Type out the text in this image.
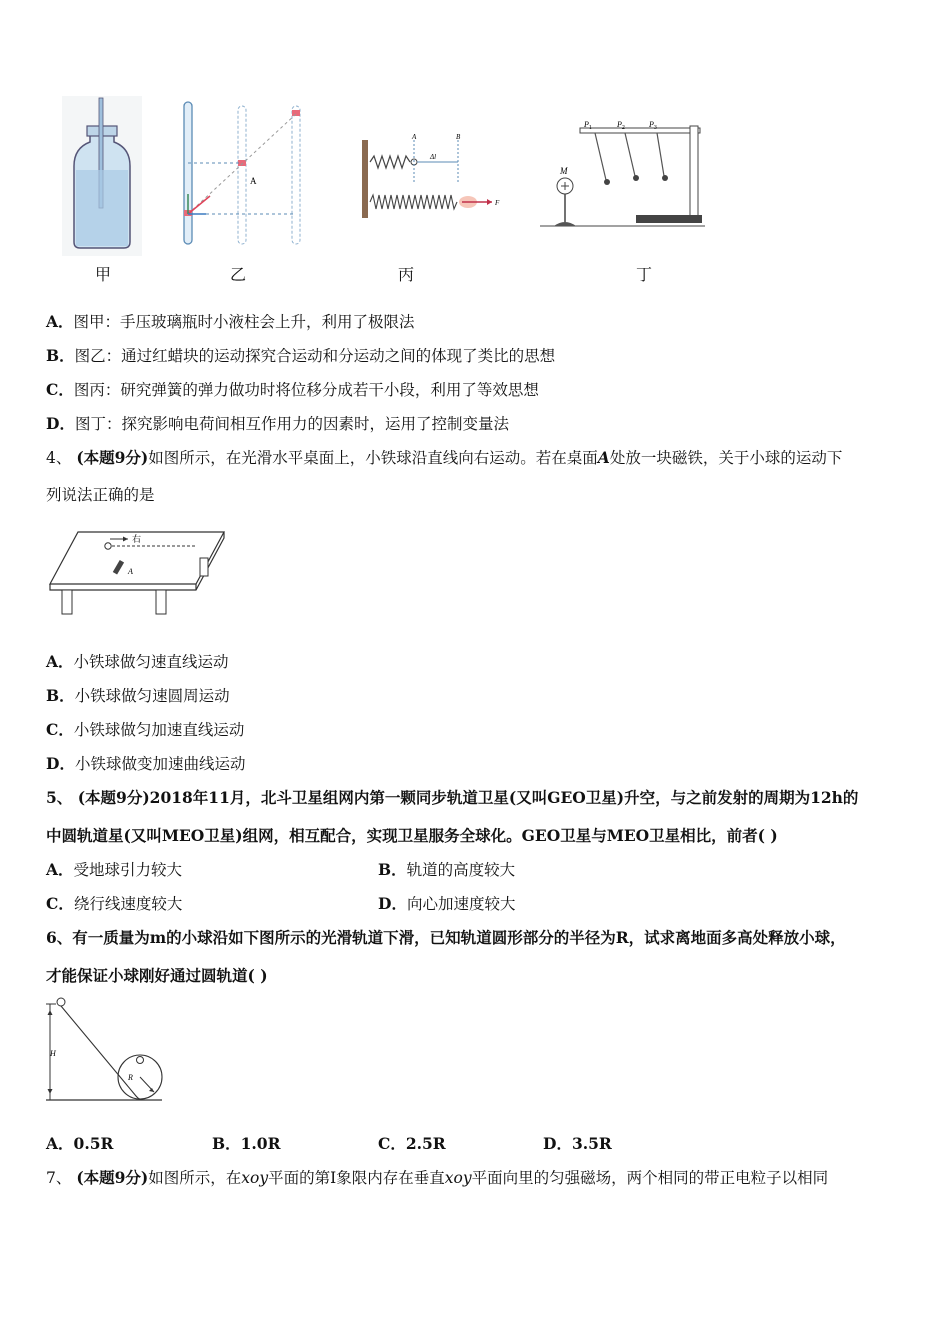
甲
A
乙
A	B
Δl
F
丙
M
$P_1$	$P_2$	$P_3$
丁
A．图甲：手压玻璃瓶时小液柱会上升，利用了极限法
B．图乙：通过红蜡块的运动探究合运动和分运动之间的体现了类比的思想
C．图丙：研究弹簧的弹力做功时将位移分成若干小段，利用了等效思想
D．图丁：探究影响电荷间相互作用力的因素时，运用了控制变量法
4、 (本题9分)如图所示，在光滑水平桌面上，小铁球沿直线向右运动。若在桌面A处放一块磁铁，关于小球的运动下
列说法正确的是
右
A
A．小铁球做匀速直线运动
B．小铁球做匀速圆周运动
C．小铁球做匀加速直线运动
D．小铁球做变加速曲线运动
5、 (本题9分)2018年11月，北斗卫星组网内第一颗同步轨道卫星(又叫GEO卫星)升空，与之前发射的周期为12h的
中圆轨道星(又叫MEO卫星)组网，相互配合，实现卫星服务全球化。GEO卫星与MEO卫星相比，前者( )
A．受地球引力较大	B．轨道的高度较大
C．绕行线速度较大	D．向心加速度较大
6、有一质量为m的小球沿如下图所示的光滑轨道下滑，已知轨道圆形部分的半径为R，试求离地面多高处释放小球，
才能保证小球刚好通过圆轨道( )
H
R
A．0.5R	B．1.0R	C．2.5R	D．3.5R
7、 (本题9分)如图所示，在xoy平面的第Ⅰ象限内存在垂直xoy平面向里的匀强磁场，两个相同的带正电粒子以相同
